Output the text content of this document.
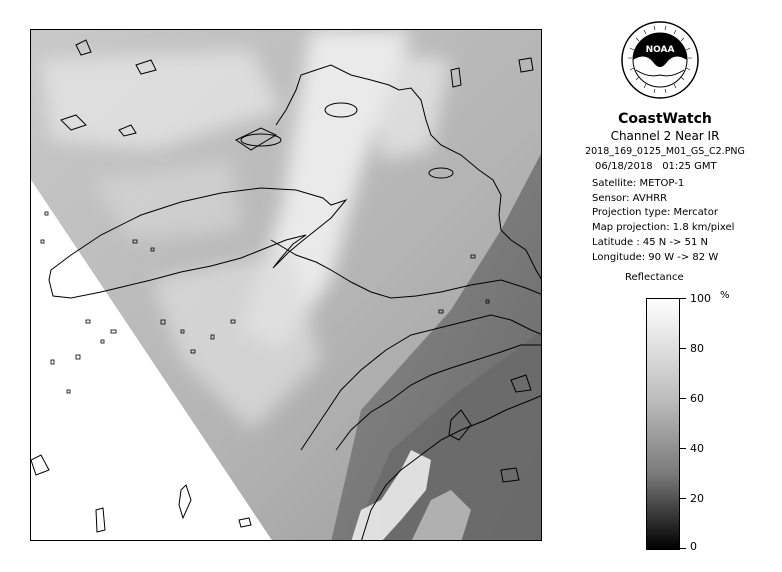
NOAA
CoastWatch
Channel 2 Near IR
2018_169_0125_M01_GS_C2.PNG
06/18/2018 01:25 GMT
Satellite: METOP-1
Sensor: AVHRR
Projection type: Mercator
Map projection: 1.8 km/pixel
Latitude : 45 N -> 51 N
Longitude: 90 W -> 82 W
Reflectance
%
100
80
60
40
20
0
